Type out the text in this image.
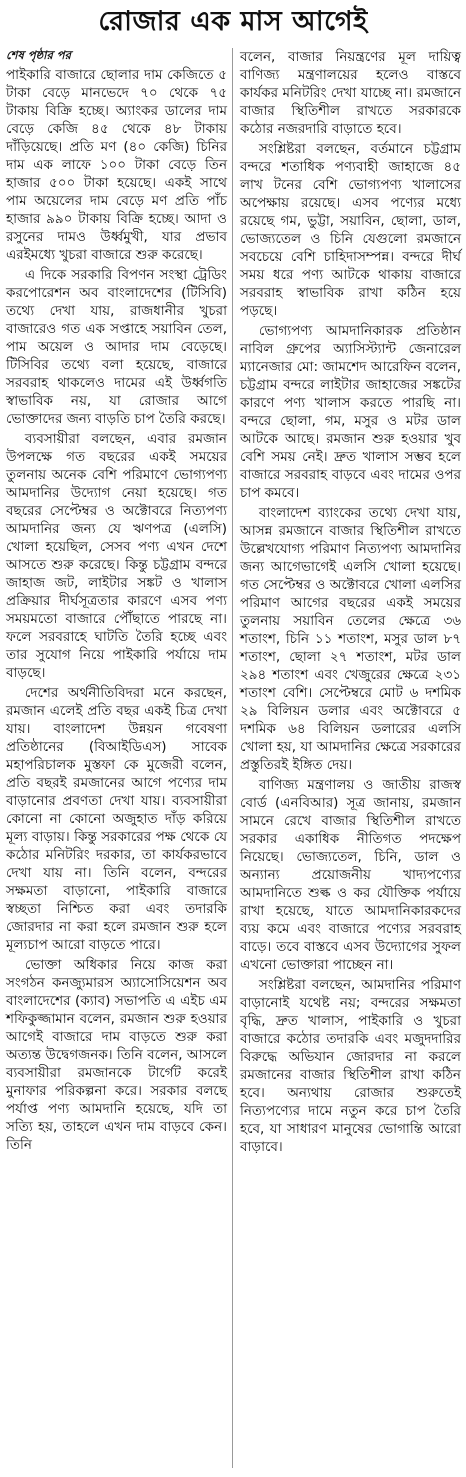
রোজার এক মাস আগেই
শেষ পৃষ্ঠার পর

পাইকারি বাজারে ছোলার দাম কেজিতে ৫ টাকা বেড়ে মানভেদে ৭০ থেকে ৭৫ টাকায় বিক্রি হচ্ছে। অ্যাংকর ডালের দাম বেড়ে কেজি ৪৫ থেকে ৪৮ টাকায় দাঁড়িয়েছে। প্রতি মণ (৪০ কেজি) চিনির দাম এক লাফে ১০০ টাকা বেড়ে তিন হাজার ৫০০ টাকা হয়েছে। একই সাথে পাম অয়েলের দাম বেড়ে মণ প্রতি পাঁচ হাজার ৯৯০ টাকায় বিক্রি হচ্ছে। আদা ও রসুনের দামও উর্ধ্বমুখী, যার প্রভাব এরইমধ্যে খুচরা বাজারে শুরু করেছে।

এ দিকে সরকারি বিপণন সংস্থা ট্রেডিং করপোরেশন অব বাংলাদেশের (টিসিবি) তথ্যে দেখা যায়, রাজধানীর খুচরা বাজারেও গত এক সপ্তাহে সয়াবিন তেল, পাম অয়েল ও আদার দাম বেড়েছে। টিসিবির তথ্যে বলা হয়েছে, বাজারে সরবরাহ থাকলেও দামের এই উর্ধ্বগতি স্বাভাবিক নয়, যা রোজার আগে ভোক্তাদের জন্য বাড়তি চাপ তৈরি করছে।

ব্যবসায়ীরা বলছেন, এবার রমজান উপলক্ষে গত বছরের একই সময়ের তুলনায় অনেক বেশি পরিমাণে ভোগ্যপণ্য আমদানির উদ্যোগ নেয়া হয়েছে। গত বছরের সেপ্টেম্বর ও অক্টোবরে নিত্যপণ্য আমদানির জন্য যে ঋণপত্র (এলসি) খোলা হয়েছিল, সেসব পণ্য এখন দেশে আসতে শুরু করেছে। কিন্তু চট্টগ্রাম বন্দরে জাহাজ জট, লাইটার সঙ্কট ও খালাস প্রক্রিয়ার দীর্ঘসূত্রতার কারণে এসব পণ্য সময়মতো বাজারে পৌঁছাতে পারছে না। ফলে সরবরাহে ঘাটতি তৈরি হচ্ছে এবং তার সুযোগ নিয়ে পাইকারি পর্যায়ে দাম বাড়ছে।

দেশের অর্থনীতিবিদরা মনে করছেন, রমজান এলেই প্রতি বছর একই চিত্র দেখা যায়। বাংলাদেশ উন্নয়ন গবেষণা প্রতিষ্ঠানের (বিআইডিএস) সাবেক মহাপরিচালক মুস্তফা কে মুজেরী বলেন, প্রতি বছরই রমজানের আগে পণ্যের দাম বাড়ানোর প্রবণতা দেখা যায়। ব্যবসায়ীরা কোনো না কোনো অজুহাত দাঁড় করিয়ে মূল্য বাড়ায়। কিন্তু সরকারের পক্ষ থেকে যে কঠোর মনিটরিং দরকার, তা কার্যকরভাবে দেখা যায় না। তিনি বলেন, বন্দরের সক্ষমতা বাড়ানো, পাইকারি বাজারে স্বচ্ছতা নিশ্চিত করা এবং তদারকি জোরদার না করা হলে রমজান শুরু হলে মূল্যচাপ আরো বাড়তে পারে।

ভোক্তা অধিকার নিয়ে কাজ করা সংগঠন কনজ্যুমারস অ্যাসোসিয়েশন অব বাংলাদেশের (ক্যাব) সভাপতি এ এইচ এম শফিকুজ্জামান বলেন, রমজান শুরু হওয়ার আগেই বাজারে দাম বাড়তে শুরু করা অত্যন্ত উদ্বেগজনক। তিনি বলেন, আসলে ব্যবসায়ীরা রমজানকে টার্গেট করেই মুনাফার পরিকল্পনা করে। সরকার বলছে পর্যাপ্ত পণ্য আমদানি হয়েছে, যদি তা সত্যি হয়, তাহলে এখন দাম বাড়বে কেন। তিনি

বলেন, বাজার নিয়ন্ত্রণের মূল দায়িত্ব বাণিজ্য মন্ত্রণালয়ের হলেও বাস্তবে কার্যকর মনিটরিং দেখা যাচ্ছে না। রমজানে বাজার স্থিতিশীল রাখতে সরকারকে কঠোর নজরদারি বাড়াতে হবে।

সংশ্লিষ্টরা বলছেন, বর্তমানে চট্টগ্রাম বন্দরে শতাধিক পণ্যবাহী জাহাজে ৪৫ লাখ টনের বেশি ভোগ্যপণ্য খালাসের অপেক্ষায় রয়েছে। এসব পণ্যের মধ্যে রয়েছে গম, ভুট্টা, সয়াবিন, ছোলা, ডাল, ভোজ্যতেল ও চিনি যেগুলো রমজানে সবচেয়ে বেশি চাহিদাসম্পন্ন। বন্দরে দীর্ঘ সময় ধরে পণ্য আটকে থাকায় বাজারে সরবরাহ স্বাভাবিক রাখা কঠিন হয়ে পড়ছে।

ভোগ্যপণ্য আমদানিকারক প্রতিষ্ঠান নাবিল গ্রুপের অ্যাসিস্ট্যান্ট জেনারেল ম্যানেজার মো: জামশেদ আরেফিন বলেন, চট্টগ্রাম বন্দরে লাইটার জাহাজের সঙ্কটের কারণে পণ্য খালাস করতে পারছি না। বন্দরে ছোলা, গম, মসুর ও মটর ডাল আটকে আছে। রমজান শুরু হওয়ার খুব বেশি সময় নেই। দ্রুত খালাস সম্ভব হলে বাজারে সরবরাহ বাড়বে এবং দামের ওপর চাপ কমবে।

বাংলাদেশ ব্যাংকের তথ্যে দেখা যায়, আসন্ন রমজানে বাজার স্থিতিশীল রাখতে উল্লেখযোগ্য পরিমাণ নিত্যপণ্য আমদানির জন্য আগেভাগেই এলসি খোলা হয়েছে। গত সেপ্টেম্বর ও অক্টোবরে খোলা এলসির পরিমাণ আগের বছরের একই সময়ের তুলনায় সয়াবিন তেলের ক্ষেত্রে ৩৬ শতাংশ, চিনি ১১ শতাংশ, মসুর ডাল ৮৭ শতাংশ, ছোলা ২৭ শতাংশ, মটর ডাল ২৯৪ শতাংশ এবং খেজুরের ক্ষেত্রে ২৩১ শতাংশ বেশি। সেপ্টেম্বরে মোট ৬ দশমিক ২৯ বিলিয়ন ডলার এবং অক্টোবরে ৫ দশমিক ৬৪ বিলিয়ন ডলারের এলসি খোলা হয়, যা আমদানির ক্ষেত্রে সরকারের প্রস্তুতিরই ইঙ্গিত দেয়।

বাণিজ্য মন্ত্রণালয় ও জাতীয় রাজস্ব বোর্ড (এনবিআর) সূত্র জানায়, রমজান সামনে রেখে বাজার স্থিতিশীল রাখতে সরকার একাধিক নীতিগত পদক্ষেপ নিয়েছে। ভোজ্যতেল, চিনি, ডাল ও অন্যান্য প্রয়োজনীয় খাদ্যপণ্যের আমদানিতে শুল্ক ও কর যৌক্তিক পর্যায়ে রাখা হয়েছে, যাতে আমদানিকারকদের ব্যয় কমে এবং বাজারে পণ্যের সরবরাহ বাড়ে। তবে বাস্তবে এসব উদ্যোগের সুফল এখনো ভোক্তারা পাচ্ছেন না।

সংশ্লিষ্টরা বলছেন, আমদানির পরিমাণ বাড়ানোই যথেষ্ট নয়; বন্দরের সক্ষমতা বৃদ্ধি, দ্রুত খালাস, পাইকারি ও খুচরা বাজারে কঠোর তদারকি এবং মজুদদারির বিরুদ্ধে অভিযান জোরদার না করলে রমজানের বাজার স্থিতিশীল রাখা কঠিন হবে। অন্যথায় রোজার শুরুতেই নিত্যপণ্যের দামে নতুন করে চাপ তৈরি হবে, যা সাধারণ মানুষের ভোগান্তি আরো বাড়াবে।
